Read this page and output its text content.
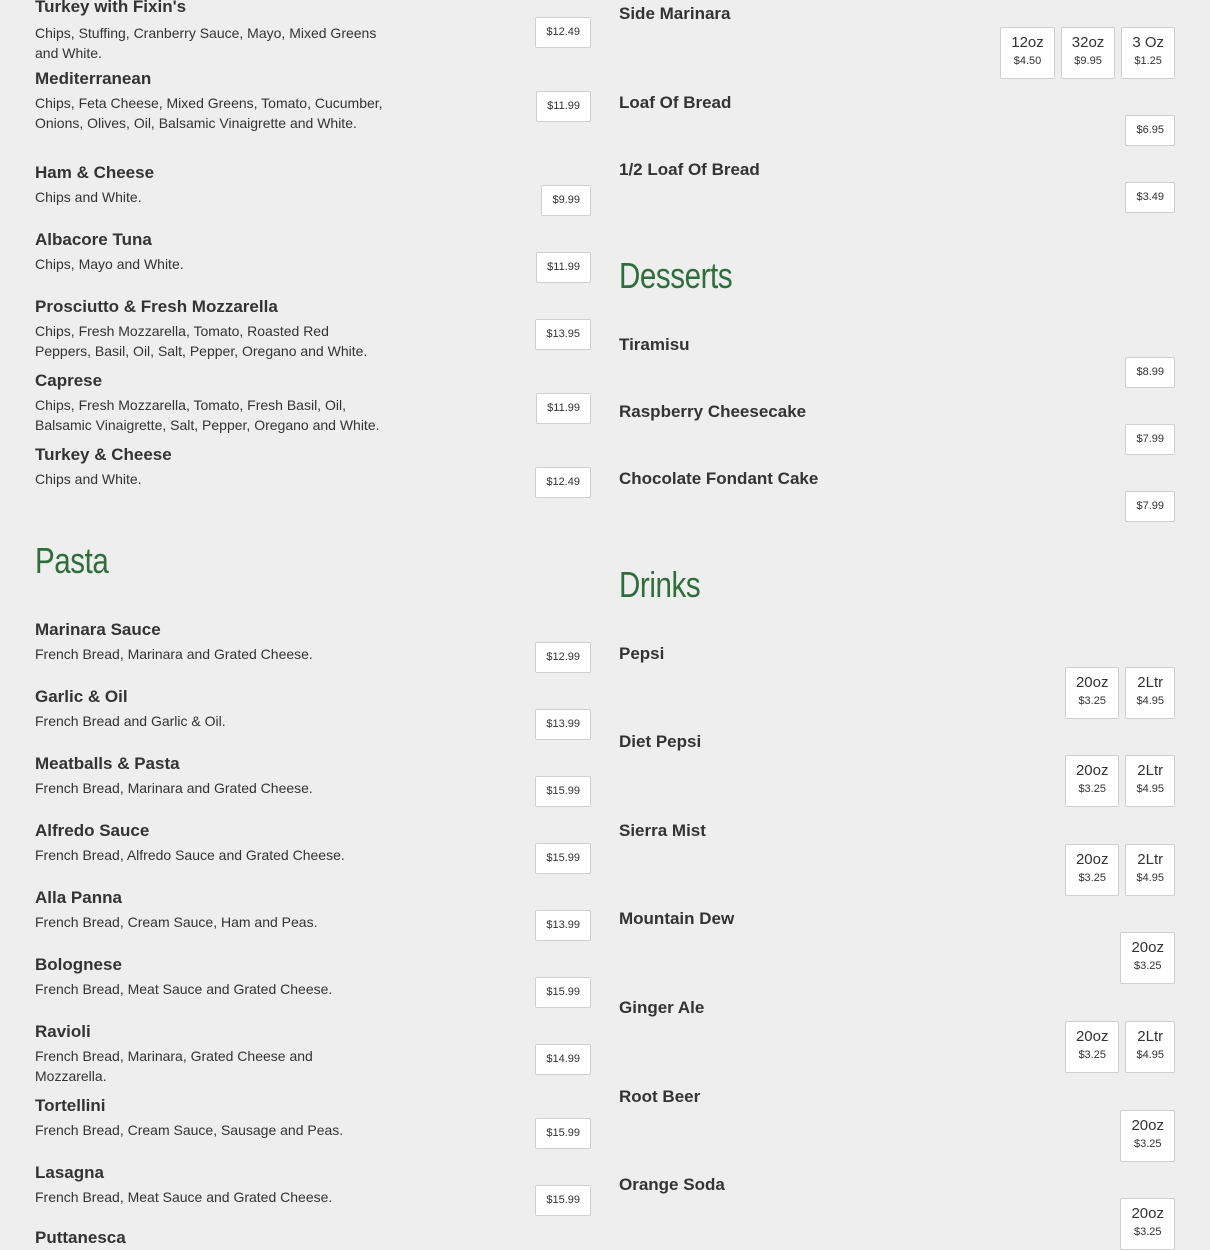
Turkey with Fixin's
Chips, Stuffing, Cranberry Sauce, Mayo, Mixed Greens and White.
$12.49
Mediterranean
Chips, Feta Cheese, Mixed Greens, Tomato, Cucumber, Onions, Olives, Oil, Balsamic Vinaigrette and White.
$11.99
Ham & Cheese
Chips and White.	$9.99
Albacore Tuna
Chips, Mayo and White.	$11.99
Prosciutto & Fresh Mozzarella
Chips, Fresh Mozzarella, Tomato, Roasted Red Peppers, Basil, Oil, Salt, Pepper, Oregano and White.
$13.95
Caprese
Chips, Fresh Mozzarella, Tomato, Fresh Basil, Oil, Balsamic Vinaigrette, Salt, Pepper, Oregano and White.
$11.99
Turkey & Cheese
Chips and White.	$12.49
Pasta
Marinara Sauce
French Bread, Marinara and Grated Cheese.	$12.99
Garlic & Oil
French Bread and Garlic & Oil.	$13.99
Meatballs & Pasta
French Bread, Marinara and Grated Cheese.	$15.99
Alfredo Sauce
French Bread, Alfredo Sauce and Grated Cheese.	$15.99
Alla Panna
French Bread, Cream Sauce, Ham and Peas.	$13.99
Bolognese
French Bread, Meat Sauce and Grated Cheese.	$15.99
Ravioli
French Bread, Marinara, Grated Cheese and Mozzarella.
$14.99
Tortellini
French Bread, Cream Sauce, Sausage and Peas.	$15.99
Lasagna
French Bread, Meat Sauce and Grated Cheese.	$15.99
Puttanesca
Side Marinara
12oz
$4.50
32oz
$9.95
3 Oz
$1.25
Loaf Of Bread
$6.95
1/2 Loaf Of Bread
$3.49
Desserts
Tiramisu
$8.99
Raspberry Cheesecake
$7.99
Chocolate Fondant Cake
$7.99
Drinks
Pepsi
20oz
$3.25
2Ltr
$4.95
Diet Pepsi
20oz
$3.25
2Ltr
$4.95
Sierra Mist
20oz
$3.25
2Ltr
$4.95
Mountain Dew
20oz
$3.25
Ginger Ale
20oz
$3.25
2Ltr
$4.95
Root Beer
20oz
$3.25
Orange Soda
20oz
$3.25
